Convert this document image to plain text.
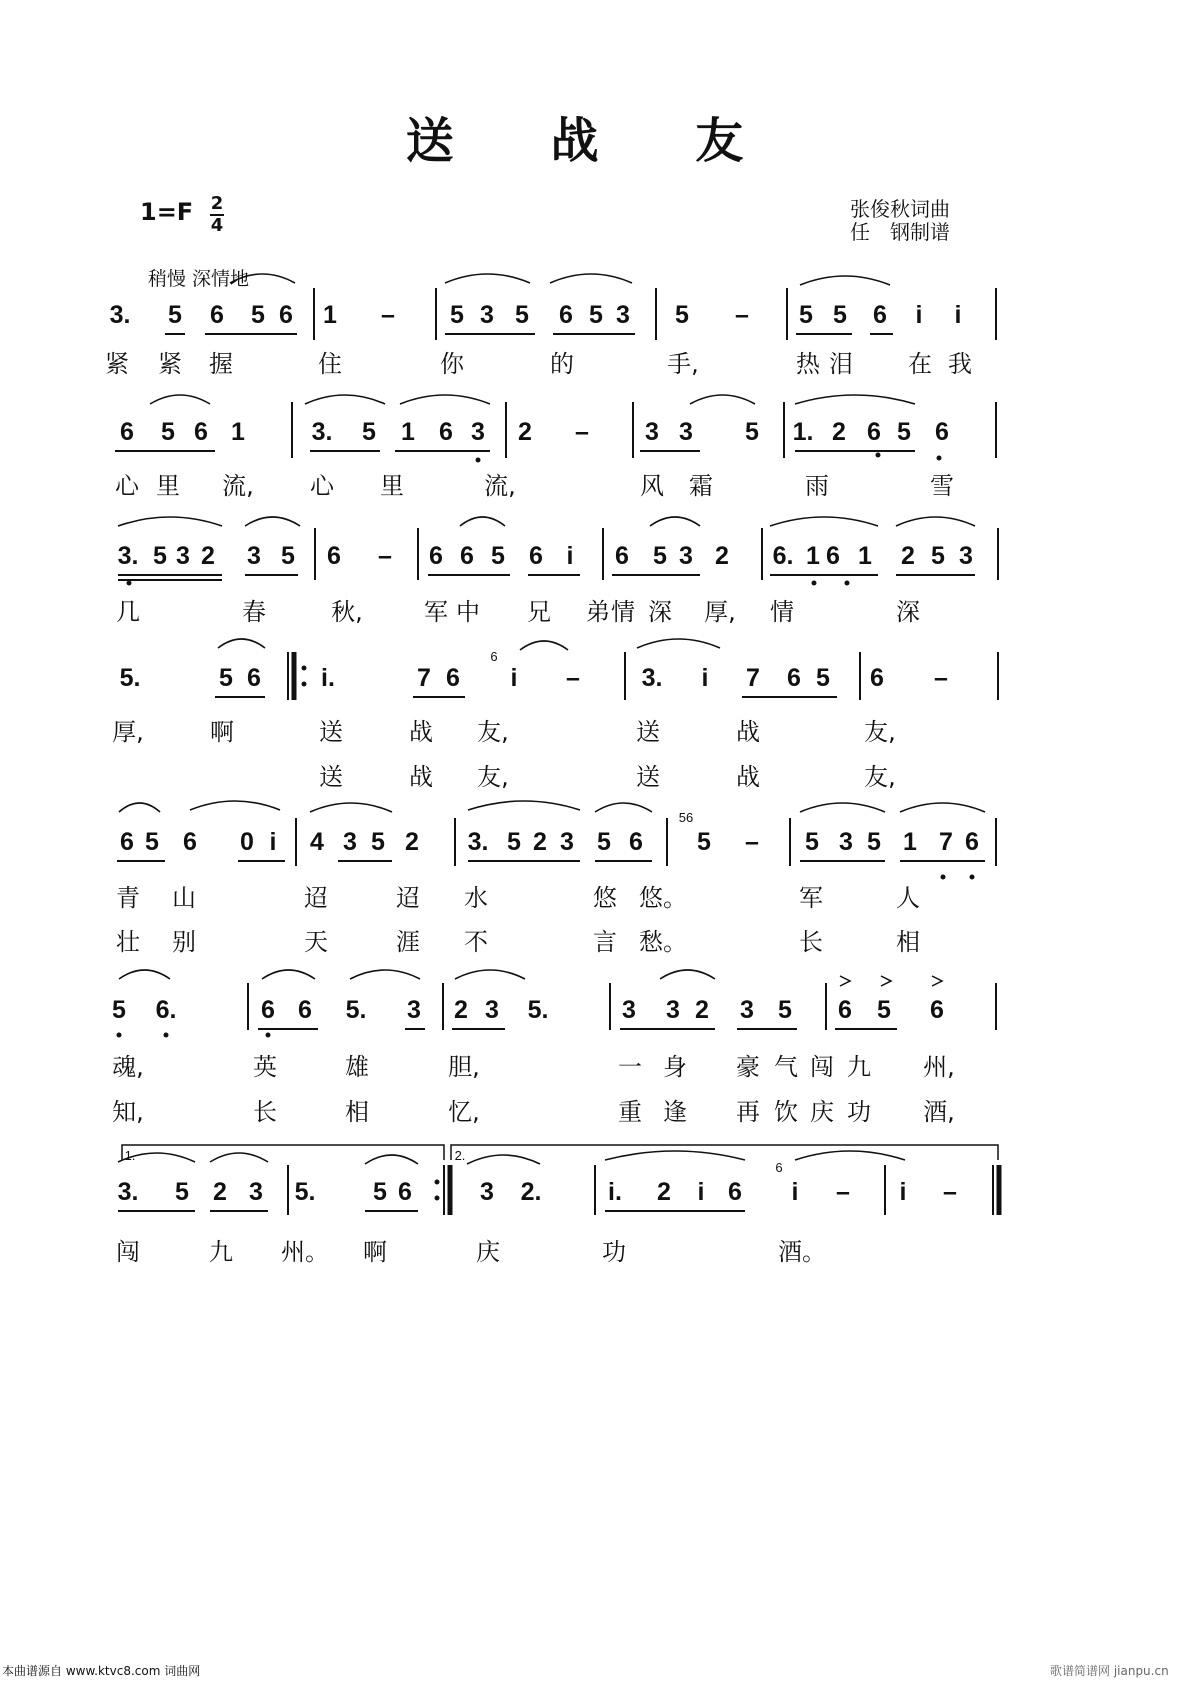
送 战 友
1=F 2
4
张俊秋词曲
任　钢制谱
稍慢 深情地
3. 5 6 5 6 1 – 5 3 5 6 5 3 5 – 5 5 6 i i
紧 紧 握	住	你	的	手,	热 泪 在 我
6 5 6 1	3. 5 1 6 3 2 – 3 3 5 1. 2 6 5 6
心 里 流, 心 里	流,	风 霜	雨	雪
3. 5 3 2 3 5 6 – 6 6 5 6 i 6 5 3 2 6. 1 6 1 2 5 3
几	春	秋,	军 中 兄 弟 情 深 厚, 情	深
5.	5 6 i.	7 6 i – 3. i 7 6 5 6 –
厚,	啊	送	战 友,	送	战	友,
送	战 友,	送	战	友,
6 5 6 0 i 4 3 5 2 3. 5 2 3 5 6 5 – 5 3 5 1 7 6
青 山	迢	迢 水	悠 悠。	军	人
壮 别	天	涯 不	言 愁。	长	相
5 6.	6 6 5. 3 2 3 5.	3 3 2 3 5 6 5 6
魂,	英	雄	胆,	一 身 豪 气 闯 九 州,
知,	长	相	忆,	重 逢 再 饮 庆 功 酒,
3. 5 2 3 5. 5 6	3 2.	i. 2 i 6 i – i –
闯	九 州。 啊	庆	功	酒。
1.	2.
6
56
6
本曲谱源自 www.ktvc8.com 词曲网	歌谱简谱网 jianpu.cn
